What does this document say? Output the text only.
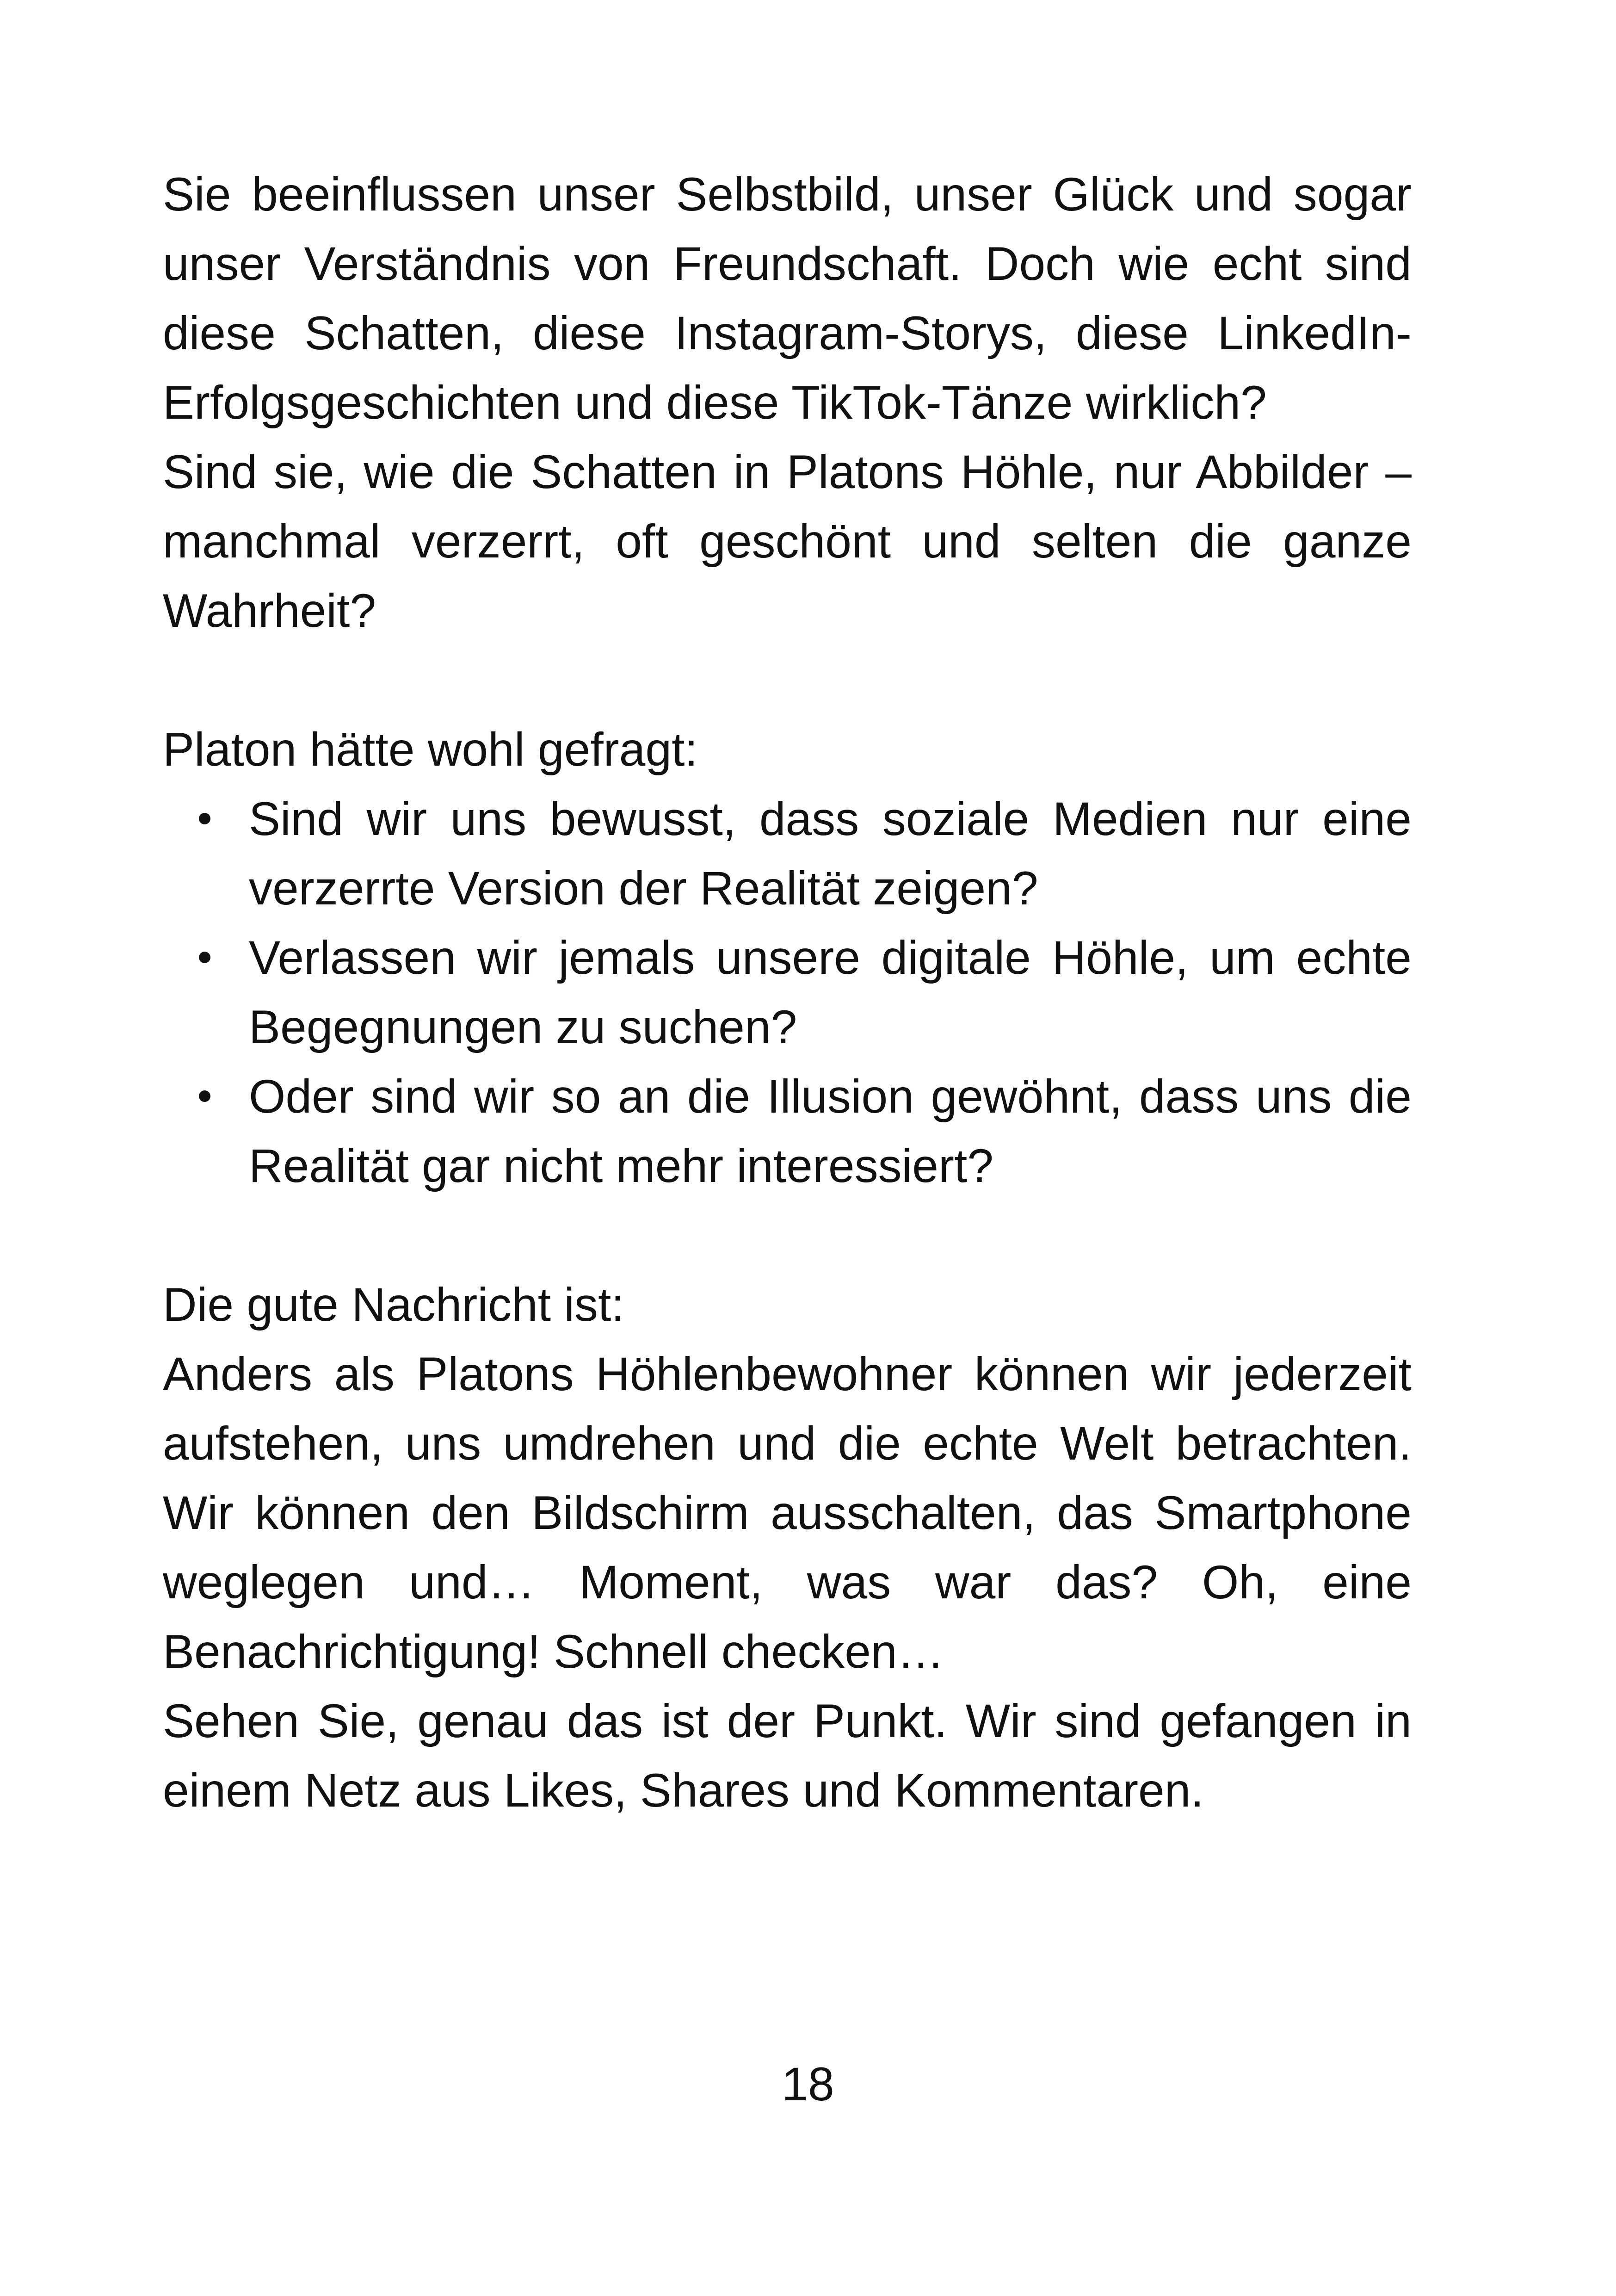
Sie beeinflussen unser Selbstbild, unser Glück und sogar unser Verständnis von Freundschaft. Doch wie echt sind diese Schatten, diese Instagram-Storys, diese LinkedIn-Erfolgsgeschichten und diese TikTok-Tänze wirklich?

Sind sie, wie die Schatten in Platons Höhle, nur Abbilder – manchmal verzerrt, oft geschönt und selten die ganze Wahrheit?

Platon hätte wohl gefragt:

Sind wir uns bewusst, dass soziale Medien nur eine verzerrte Version der Realität zeigen?
Verlassen wir jemals unsere digitale Höhle, um echte Begegnungen zu suchen?
Oder sind wir so an die Illusion gewöhnt, dass uns die Realität gar nicht mehr interessiert?

Die gute Nachricht ist:

Anders als Platons Höhlenbewohner können wir jederzeit aufstehen, uns umdrehen und die echte Welt betrachten. Wir können den Bildschirm ausschalten, das Smartphone weglegen und… Moment, was war das? Oh, eine Benachrichtigung! Schnell checken…

Sehen Sie, genau das ist der Punkt. Wir sind gefangen in einem Netz aus Likes, Shares und Kommentaren.

18
